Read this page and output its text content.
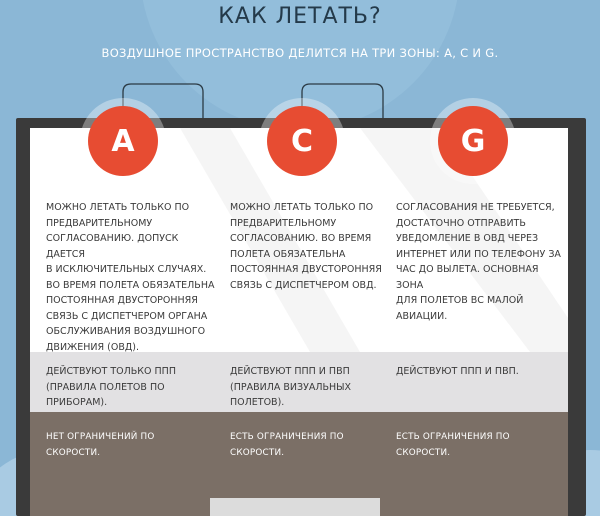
КАК ЛЕТАТЬ?
ВОЗДУШНОЕ ПРОСТРАНСТВО ДЕЛИТСЯ НА ТРИ ЗОНЫ: А, С И G.
МОЖНО ЛЕТАТЬ ТОЛЬКО ПО
ПРЕДВАРИТЕЛЬНОМУ
СОГЛАСОВАНИЮ. ДОПУСК ДАЕТСЯ
В ИСКЛЮЧИТЕЛЬНЫХ СЛУЧАЯХ.
ВО ВРЕМЯ ПОЛЕТА ОБЯЗАТЕЛЬНА
ПОСТОЯННАЯ ДВУСТОРОННЯЯ
СВЯЗЬ С ДИСПЕТЧЕРОМ ОРГАНА
ОБСЛУЖИВАНИЯ ВОЗДУШНОГО
ДВИЖЕНИЯ (ОВД).
МОЖНО ЛЕТАТЬ ТОЛЬКО ПО
ПРЕДВАРИТЕЛЬНОМУ
СОГЛАСОВАНИЮ. ВО ВРЕМЯ
ПОЛЕТА ОБЯЗАТЕЛЬНА
ПОСТОЯННАЯ ДВУСТОРОННЯЯ
СВЯЗЬ С ДИСПЕТЧЕРОМ ОВД.
СОГЛАСОВАНИЯ НЕ ТРЕБУЕТСЯ,
ДОСТАТОЧНО ОТПРАВИТЬ
УВЕДОМЛЕНИЕ В ОВД ЧЕРЕЗ
ИНТЕРНЕТ ИЛИ ПО ТЕЛЕФОНУ ЗА
ЧАС ДО ВЫЛЕТА. ОСНОВНАЯ ЗОНА
ДЛЯ ПОЛЕТОВ ВС МАЛОЙ
АВИАЦИИ.
ДЕЙСТВУЮТ ТОЛЬКО ППП
(ПРАВИЛА ПОЛЕТОВ ПО
ПРИБОРАМ).
ДЕЙСТВУЮТ ППП И ПВП
(ПРАВИЛА ВИЗУАЛЬНЫХ
ПОЛЕТОВ).
ДЕЙСТВУЮТ ППП И ПВП.
НЕТ ОГРАНИЧЕНИЙ ПО
СКОРОСТИ.
ЕСТЬ ОГРАНИЧЕНИЯ ПО
СКОРОСТИ.
ЕСТЬ ОГРАНИЧЕНИЯ ПО
СКОРОСТИ.
A	C	G
